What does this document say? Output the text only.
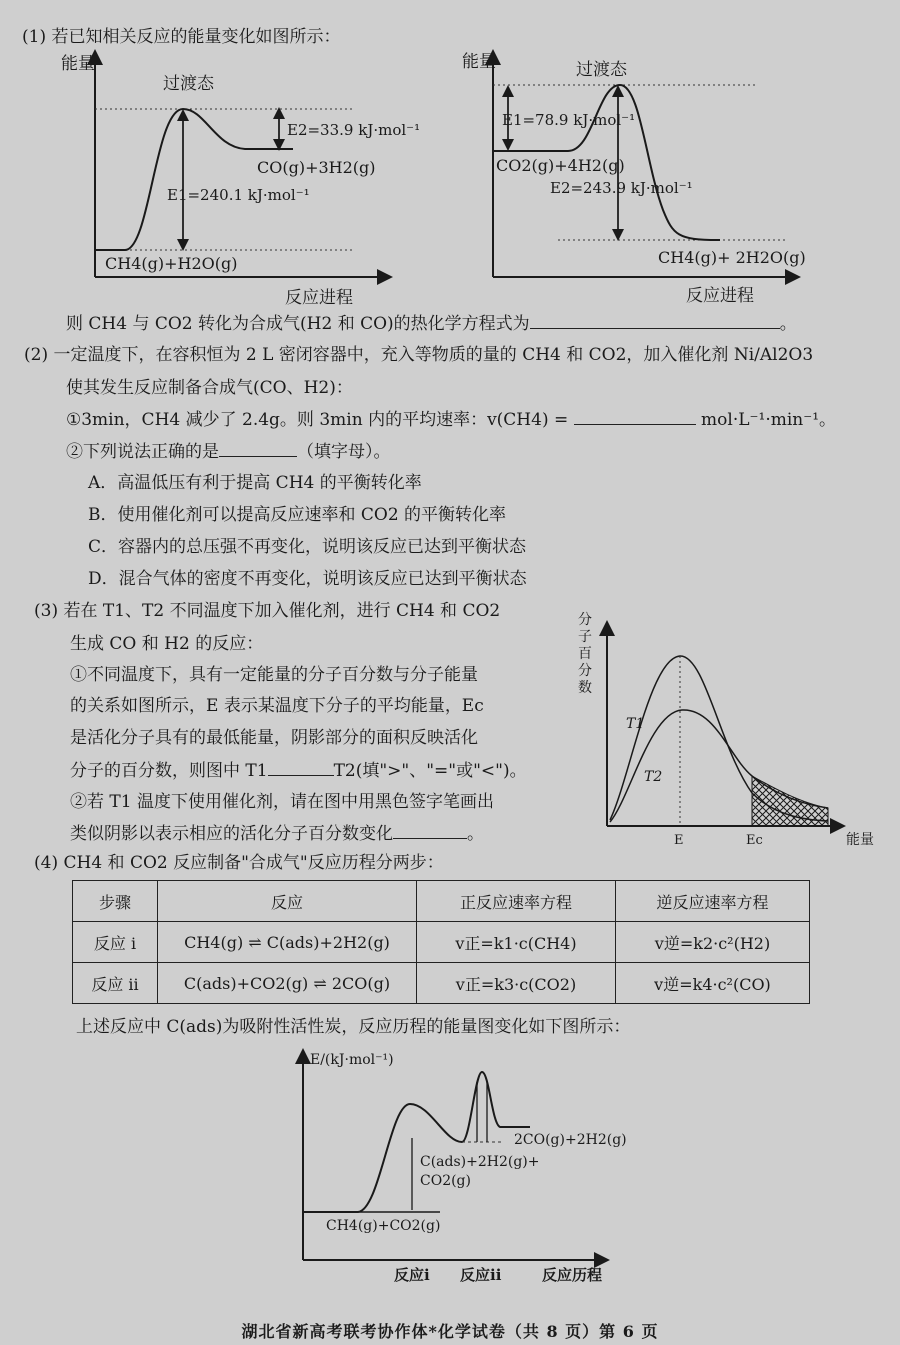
(1) 若已知相关反应的能量变化如图所示：
能量
过渡态
E1=240.1 kJ·mol⁻¹
E2=33.9 kJ·mol⁻¹
CO(g)+3H2(g)
CH4(g)+H2O(g)
反应进程
能量	过渡态
E1=78.9 kJ·mol⁻¹
E2=243.9 kJ·mol⁻¹
CO2(g)+4H2(g)
CH4(g)+ 2H2O(g)
反应进程
则 CH4 与 CO2 转化为合成气(H2 和 CO)的热化学方程式为	。
(2) 一定温度下，在容积恒为 2 L 密闭容器中，充入等物质的量的 CH4 和 CO2，加入催化剂 Ni/Al2O3
使其发生反应制备合成气(CO、H2)：
①3min，CH4 减少了 2.4g。则 3min 内的平均速率：v(CH4) =	mol·L⁻¹·min⁻¹。
②下列说法正确的是	（填字母）。
A．高温低压有利于提高 CH4 的平衡转化率
B．使用催化剂可以提高反应速率和 CO2 的平衡转化率
C．容器内的总压强不再变化，说明该反应已达到平衡状态
D．混合气体的密度不再变化，说明该反应已达到平衡状态
(3) 若在 T1、T2 不同温度下加入催化剂，进行 CH4 和 CO2
生成 CO 和 H2 的反应：
①不同温度下，具有一定能量的分子百分数与分子能量
的关系如图所示，E 表示某温度下分子的平均能量，Ec
是活化分子具有的最低能量，阴影部分的面积反映活化
分子的百分数，则图中 T1	T2(填">"、"="或"<")。
②若 T1 温度下使用催化剂，请在图中用黑色签字笔画出
类似阴影以表示相应的活化分子百分数变化	。
分子百分数
T1
T2
E	Ec	能量
(4) CH4 和 CO2 反应制备"合成气"反应历程分两步：
步骤	反应	正反应速率方程	逆反应速率方程
反应 i	CH4(g) ⇌ C(ads)+2H2(g)	v正=k1·c(CH4)	v逆=k2·c²(H2)
反应 ii	C(ads)+CO2(g) ⇌ 2CO(g)	v正=k3·c(CO2)	v逆=k4·c²(CO)
上述反应中 C(ads)为吸附性活性炭，反应历程的能量图变化如下图所示：
E/(kJ·mol⁻¹)
CH4(g)+CO2(g)
C(ads)+2H2(g)+
CO2(g)
2CO(g)+2H2(g)
反应i 反应ii	反应历程
湖北省新高考联考协作体*化学试卷（共 8 页）第 6 页
